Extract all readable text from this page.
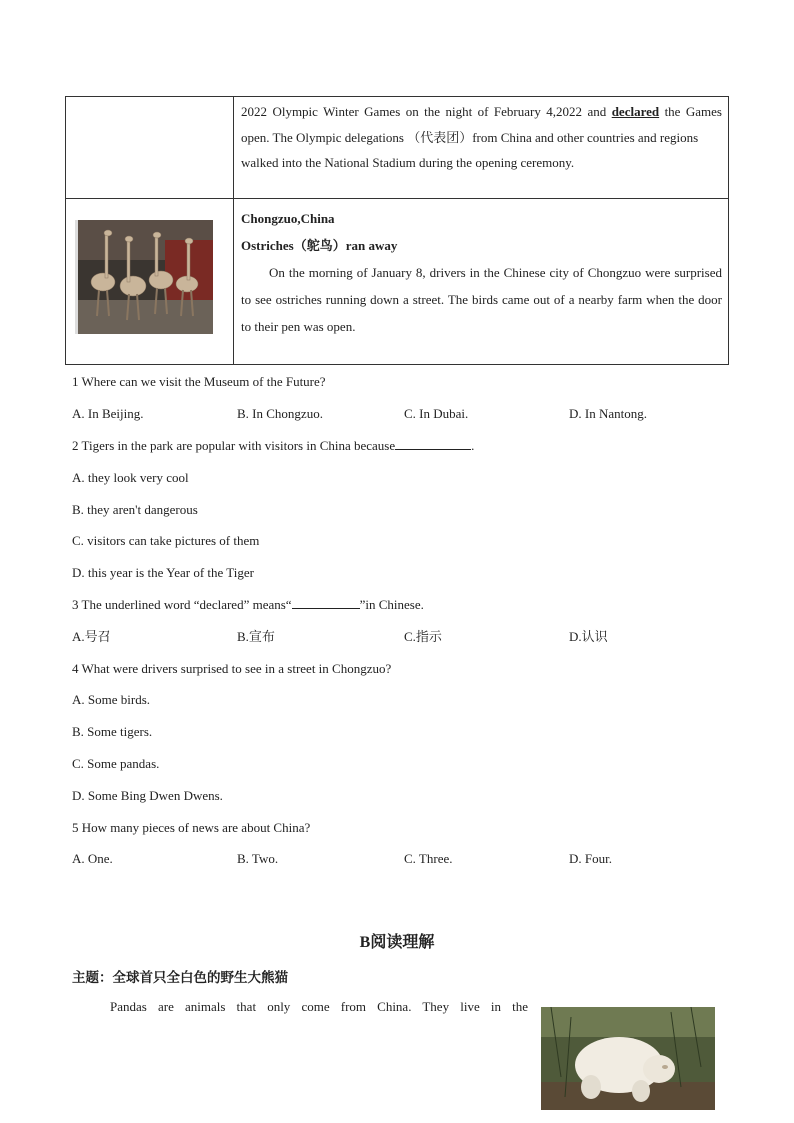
	2022 Olympic Winter Games on the night of February 4,2022 and declared the Games open. The Olympic delegations （代表团）from China and other countries and regions

walked into the National Stadium during the opening ceremony.

Chongzuo,China

Ostriches（鸵鸟）ran away

On the morning of January 8, drivers in the Chinese city of Chongzuo were surprised to see ostriches running down a street. The birds came out of a nearby farm when the door to their pen was open.

1 Where can we visit the Museum of the Future?

A. In Beijing.	B. In Chongzuo.	C. In Dubai.	D. In Nantong.

2 Tigers in the park are popular with visitors in China because	.

A. they look very cool

B. they aren't dangerous

C. visitors can take pictures of them

D. this year is the Year of the Tiger

3 The underlined word “declared” means“	”in Chinese.

A.号召	B.宣布	C.指示	D.认识

4 What were drivers surprised to see in a street in Chongzuo?

A. Some birds.

B. Some tigers.

C. Some pandas.

D. Some Bing Dwen Dwens.

5 How many pieces of news are about China?

A. One.	B. Two.	C. Three.	D. Four.

B阅读理解
主题：全球首只全白色的野生大熊猫

Pandas are animals that only come from China. They live in the
